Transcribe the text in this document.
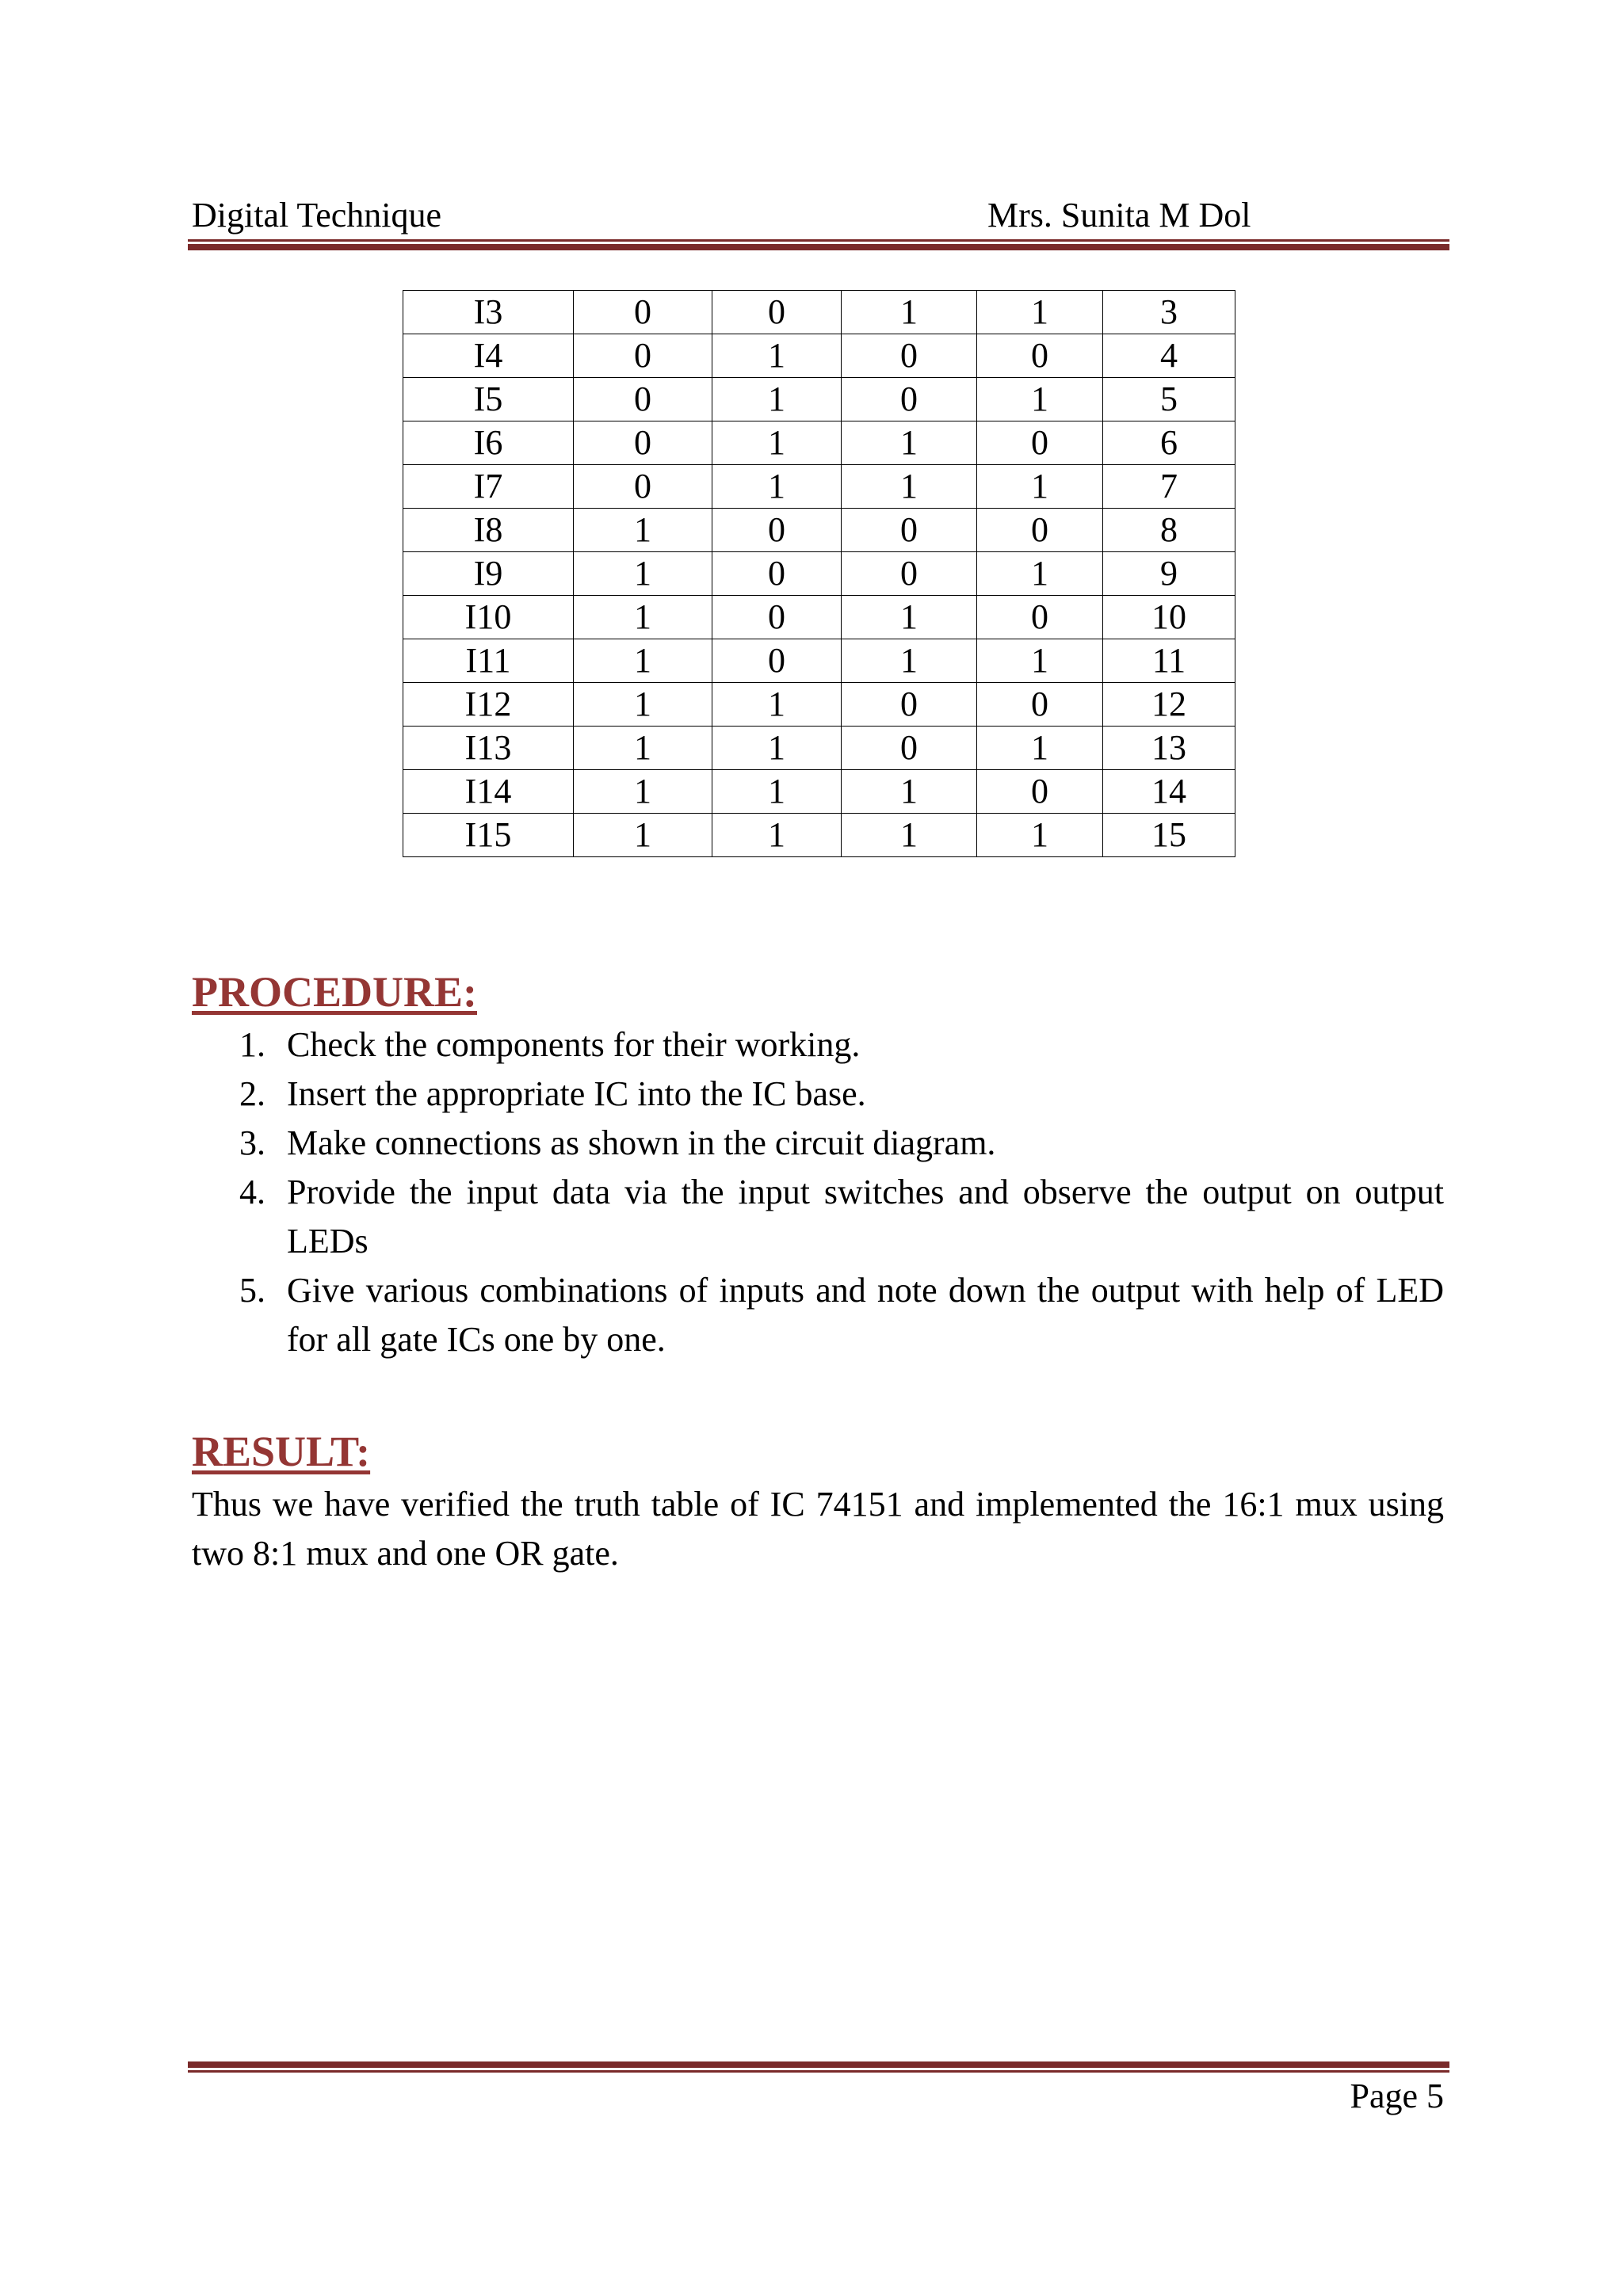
Digital Technique	Mrs. Sunita M Dol
I3	0	0	1	1	3
I4	0	1	0	0	4
I5	0	1	0	1	5
I6	0	1	1	0	6
I7	0	1	1	1	7
I8	1	0	0	0	8
I9	1	0	0	1	9
I10	1	0	1	0	10
I11	1	0	1	1	11
I12	1	1	0	0	12
I13	1	1	0	1	13
I14	1	1	1	0	14
I15	1	1	1	1	15
PROCEDURE:
1. Check the components for their working.
2. Insert the appropriate IC into the IC base.
3. Make connections as shown in the circuit diagram.
4. Provide the input data via the input switches and observe the output on output LEDs
5. Give various combinations of inputs and note down the output with help of LED for all gate ICs one by one.
RESULT:
Thus we have verified the truth table of IC 74151 and implemented the 16:1 mux using two 8:1 mux and one OR gate.
Page 5
